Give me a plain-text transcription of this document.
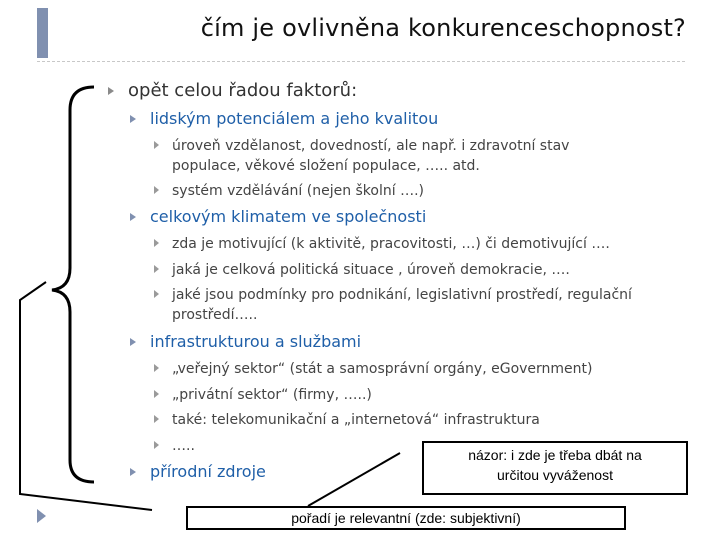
čím je ovlivněna konkurenceschopnost?
opět celou řadou faktorů:
lidským potenciálem a jeho kvalitou
úroveň vzdělanost, dovedností, ale např. i zdravotní stav
populace, věkové složení populace, ….. atd.
systém vzdělávání (nejen školní ….)
celkovým klimatem ve společnosti
zda je motivující (k aktivitě, pracovitosti, …) či demotivující ….
jaká je celková politická situace , úroveň demokracie, ….
jaké jsou podmínky pro podnikání, legislativní prostředí, regulační
prostředí…..
infrastrukturou a službami
„veřejný sektor“ (stát a samosprávní orgány, eGovernment)
„privátní sektor“ (firmy, …..)
také: telekomunikační a „internetová“ infrastruktura
…..
přírodní zdroje
názor: i zde je třeba dbát na
určitou vyváženost
pořadí je relevantní (zde: subjektivní)
